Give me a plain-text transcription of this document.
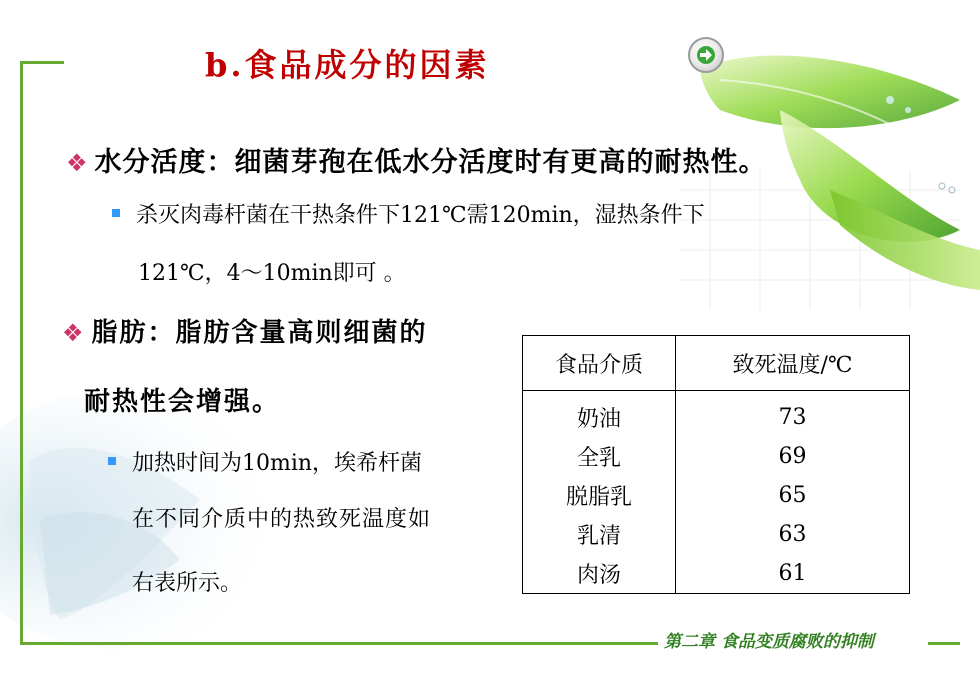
b.食品成分的因素
❖ 水分活度：细菌芽孢在低水分活度时有更高的耐热性。
杀灭肉毒杆菌在干热条件下121℃需120min，湿热条件下
121℃，4～10min即可 。
❖ 脂肪：脂肪含量高则细菌的
耐热性会增强。
加热时间为10min，埃希杆菌
在不同介质中的热致死温度如
右表所示。
食品介质	致死温度/℃
奶油	73
全乳	69
脱脂乳	65
乳清	63
肉汤	61
第二章 食品变质腐败的抑制
